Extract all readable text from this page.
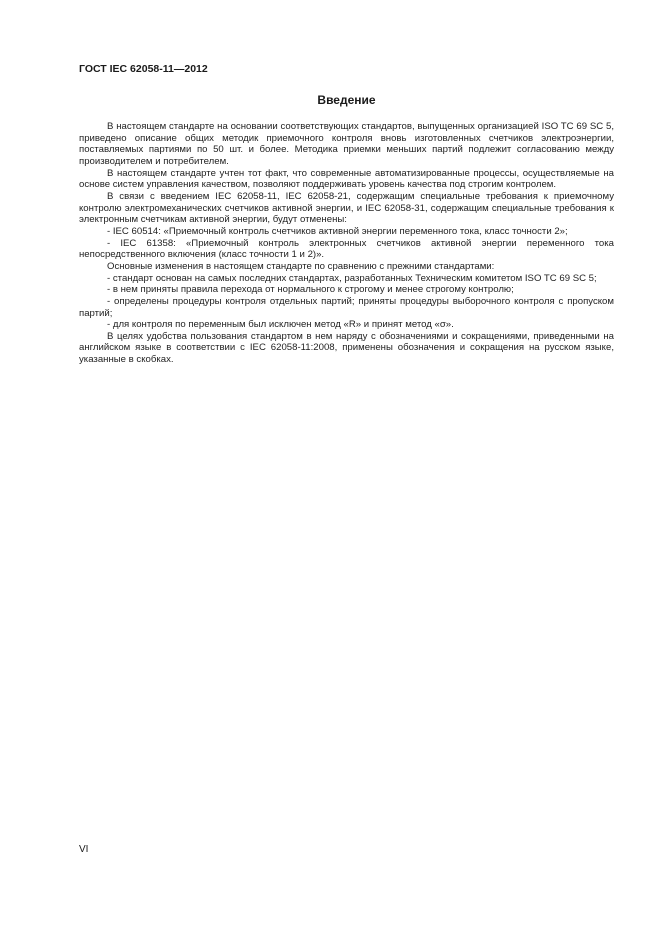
ГОСТ IEC 62058-11—2012
Введение

В настоящем стандарте на основании соответствующих стандартов, выпущенных организацией ISO TC 69 SC 5, приведено описание общих методик приемочного контроля вновь изготовленных счетчиков электроэнергии, поставляемых партиями по 50 шт. и более. Методика приемки меньших партий подлежит согласованию между производителем и потребителем.

В настоящем стандарте учтен тот факт, что современные автоматизированные процессы, осуществляемые на основе систем управления качеством, позволяют поддерживать уровень качества под строгим контролем.

В связи с введением IEC 62058-11, IEC 62058-21, содержащим специальные требования к приемочному контролю электромеханических счетчиков активной энергии, и IEC 62058-31, содержащим специальные требования к электронным счетчикам активной энергии, будут отменены:

- IEC 60514: «Приемочный контроль счетчиков активной энергии переменного тока, класс точности 2»;

- IEC 61358: «Приемочный контроль электронных счетчиков активной энергии переменного тока непосредственного включения (класс точности 1 и 2)».

Основные изменения в настоящем стандарте по сравнению с прежними стандартами:

- стандарт основан на самых последних стандартах, разработанных Техническим комитетом ISO TC 69 SC 5;

- в нем приняты правила перехода от нормального к строгому и менее строгому контролю;

- определены процедуры контроля отдельных партий; приняты процедуры выборочного контроля с пропуском партий;

- для контроля по переменным был исключен метод «R» и принят метод «σ».

В целях удобства пользования стандартом в нем наряду с обозначениями и сокращениями, приведенными на английском языке в соответствии с IEC 62058-11:2008, применены обозначения и сокращения на русском языке, указанные в скобках.

VI
